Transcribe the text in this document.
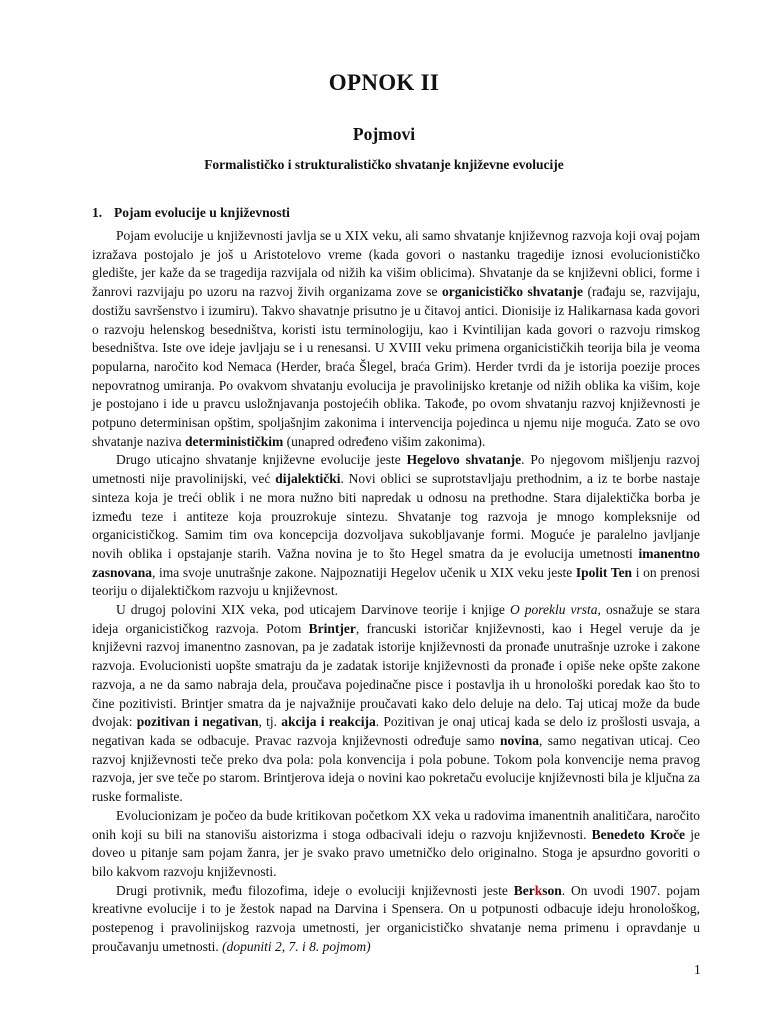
OPNOK II
Pojmovi
Formalističko i strukturalističko shvatanje književne evolucije
1. Pojam evolucije u književnosti

Pojam evolucije u književnosti javlja se u XIX veku, ali samo shvatanje književnog razvoja koji ovaj pojam izražava postojalo je još u Aristotelovo vreme (kada govori o nastanku tragedije iznosi evolucionističko gledište, jer kaže da se tragedija razvijala od nižih ka višim oblicima). Shvatanje da se književni oblici, forme i žanrovi razvijaju po uzoru na razvoj živih organizama zove se organicističko shvatanje (rađaju se, razvijaju, dostižu savršenstvo i izumiru). Takvo shavatnje prisutno je u čitavoj antici. Dionisije iz Halikarnasa kada govori o razvoju helenskog besedništva, koristi istu terminologiju, kao i Kvintilijan kada govori o razvoju rimskog besedništva. Iste ove ideje javljaju se i u renesansi. U XVIII veku primena organicističkih teorija bila je veoma popularna, naročito kod Nemaca (Herder, braća Šlegel, braća Grim). Herder tvrdi da je istorija poezije proces nepovratnog umiranja. Po ovakvom shvatanju evolucija je pravolinijsko kretanje od nižih oblika ka višim, koje je postojano i ide u pravcu usložnjavanja postojećih oblika. Takođe, po ovom shvatanju razvoj književnosti je potpuno determinisan opštim, spoljašnjim zakonima i intervencija pojedinca u njemu nije moguća. Zato se ovo shvatanje naziva determinističkim (unapred određeno višim zakonima).

Drugo uticajno shvatanje književne evolucije jeste Hegelovo shvatanje. Po njegovom mišljenju razvoj umetnosti nije pravolinijski, već dijalektički. Novi oblici se suprotstavljaju prethodnim, a iz te borbe nastaje sinteza koja je treći oblik i ne mora nužno biti napredak u odnosu na prethodne. Stara dijalektička borba je između teze i antiteze koja prouzrokuje sintezu. Shvatanje tog razvoja je mnogo kompleksnije od organicističkog. Samim tim ova koncepcija dozvoljava sukobljavanje formi. Moguće je paralelno javljanje novih oblika i opstajanje starih. Važna novina je to što Hegel smatra da je evolucija umetnosti imanentno zasnovana, ima svoje unutrašnje zakone. Najpoznatiji Hegelov učenik u XIX veku jeste Ipolit Ten i on prenosi teoriju o dijalektičkom razvoju u književnost.

U drugoj polovini XIX veka, pod uticajem Darvinove teorije i knjige O poreklu vrsta, osnažuje se stara ideja organicističkog razvoja. Potom Brintjer, francuski istoričar književnosti, kao i Hegel veruje da je književni razvoj imanentno zasnovan, pa je zadatak istorije književnosti da pronađe unutrašnje uzroke i zakone razvoja. Evolucionisti uopšte smatraju da je zadatak istorije književnosti da pronađe i opiše neke opšte zakone razvoja, a ne da samo nabraja dela, proučava pojedinačne pisce i postavlja ih u hronološki poredak kao što to čine pozitivisti. Brintjer smatra da je najvažnije proučavati kako delo deluje na delo. Taj uticaj može da bude dvojak: pozitivan i negativan, tj. akcija i reakcija. Pozitivan je onaj uticaj kada se delo iz prošlosti usvaja, a negativan kada se odbacuje. Pravac razvoja književnosti određuje samo novina, samo negativan uticaj. Ceo razvoj književnosti teče preko dva pola: pola konvencija i pola pobune. Tokom pola konvencije nema pravog razvoja, jer sve teče po starom. Brintjerova ideja o novini kao pokretaču evolucije književnosti bila je ključna za ruske formaliste.

Evolucionizam je počeo da bude kritikovan početkom XX veka u radovima imanentnih analitičara, naročito onih koji su bili na stanovišu aistorizma i stoga odbacivali ideju o razvoju književnosti. Benedeto Kroče je doveo u pitanje sam pojam žanra, jer je svako pravo umetničko delo originalno. Stoga je apsurdno govoriti o bilo kakvom razvoju književnosti.

Drugi protivnik, među filozofima, ideje o evoluciji književnosti jeste Berkson. On uvodi 1907. pojam kreativne evolucije i to je žestok napad na Darvina i Spensera. On u potpunosti odbacuje ideju hronološkog, postepenog i pravolinijskog razvoja umetnosti, jer organicističko shvatanje nema primenu i opravdanje u proučavanju umetnosti. (dopuniti 2, 7. i 8. pojmom)

1
